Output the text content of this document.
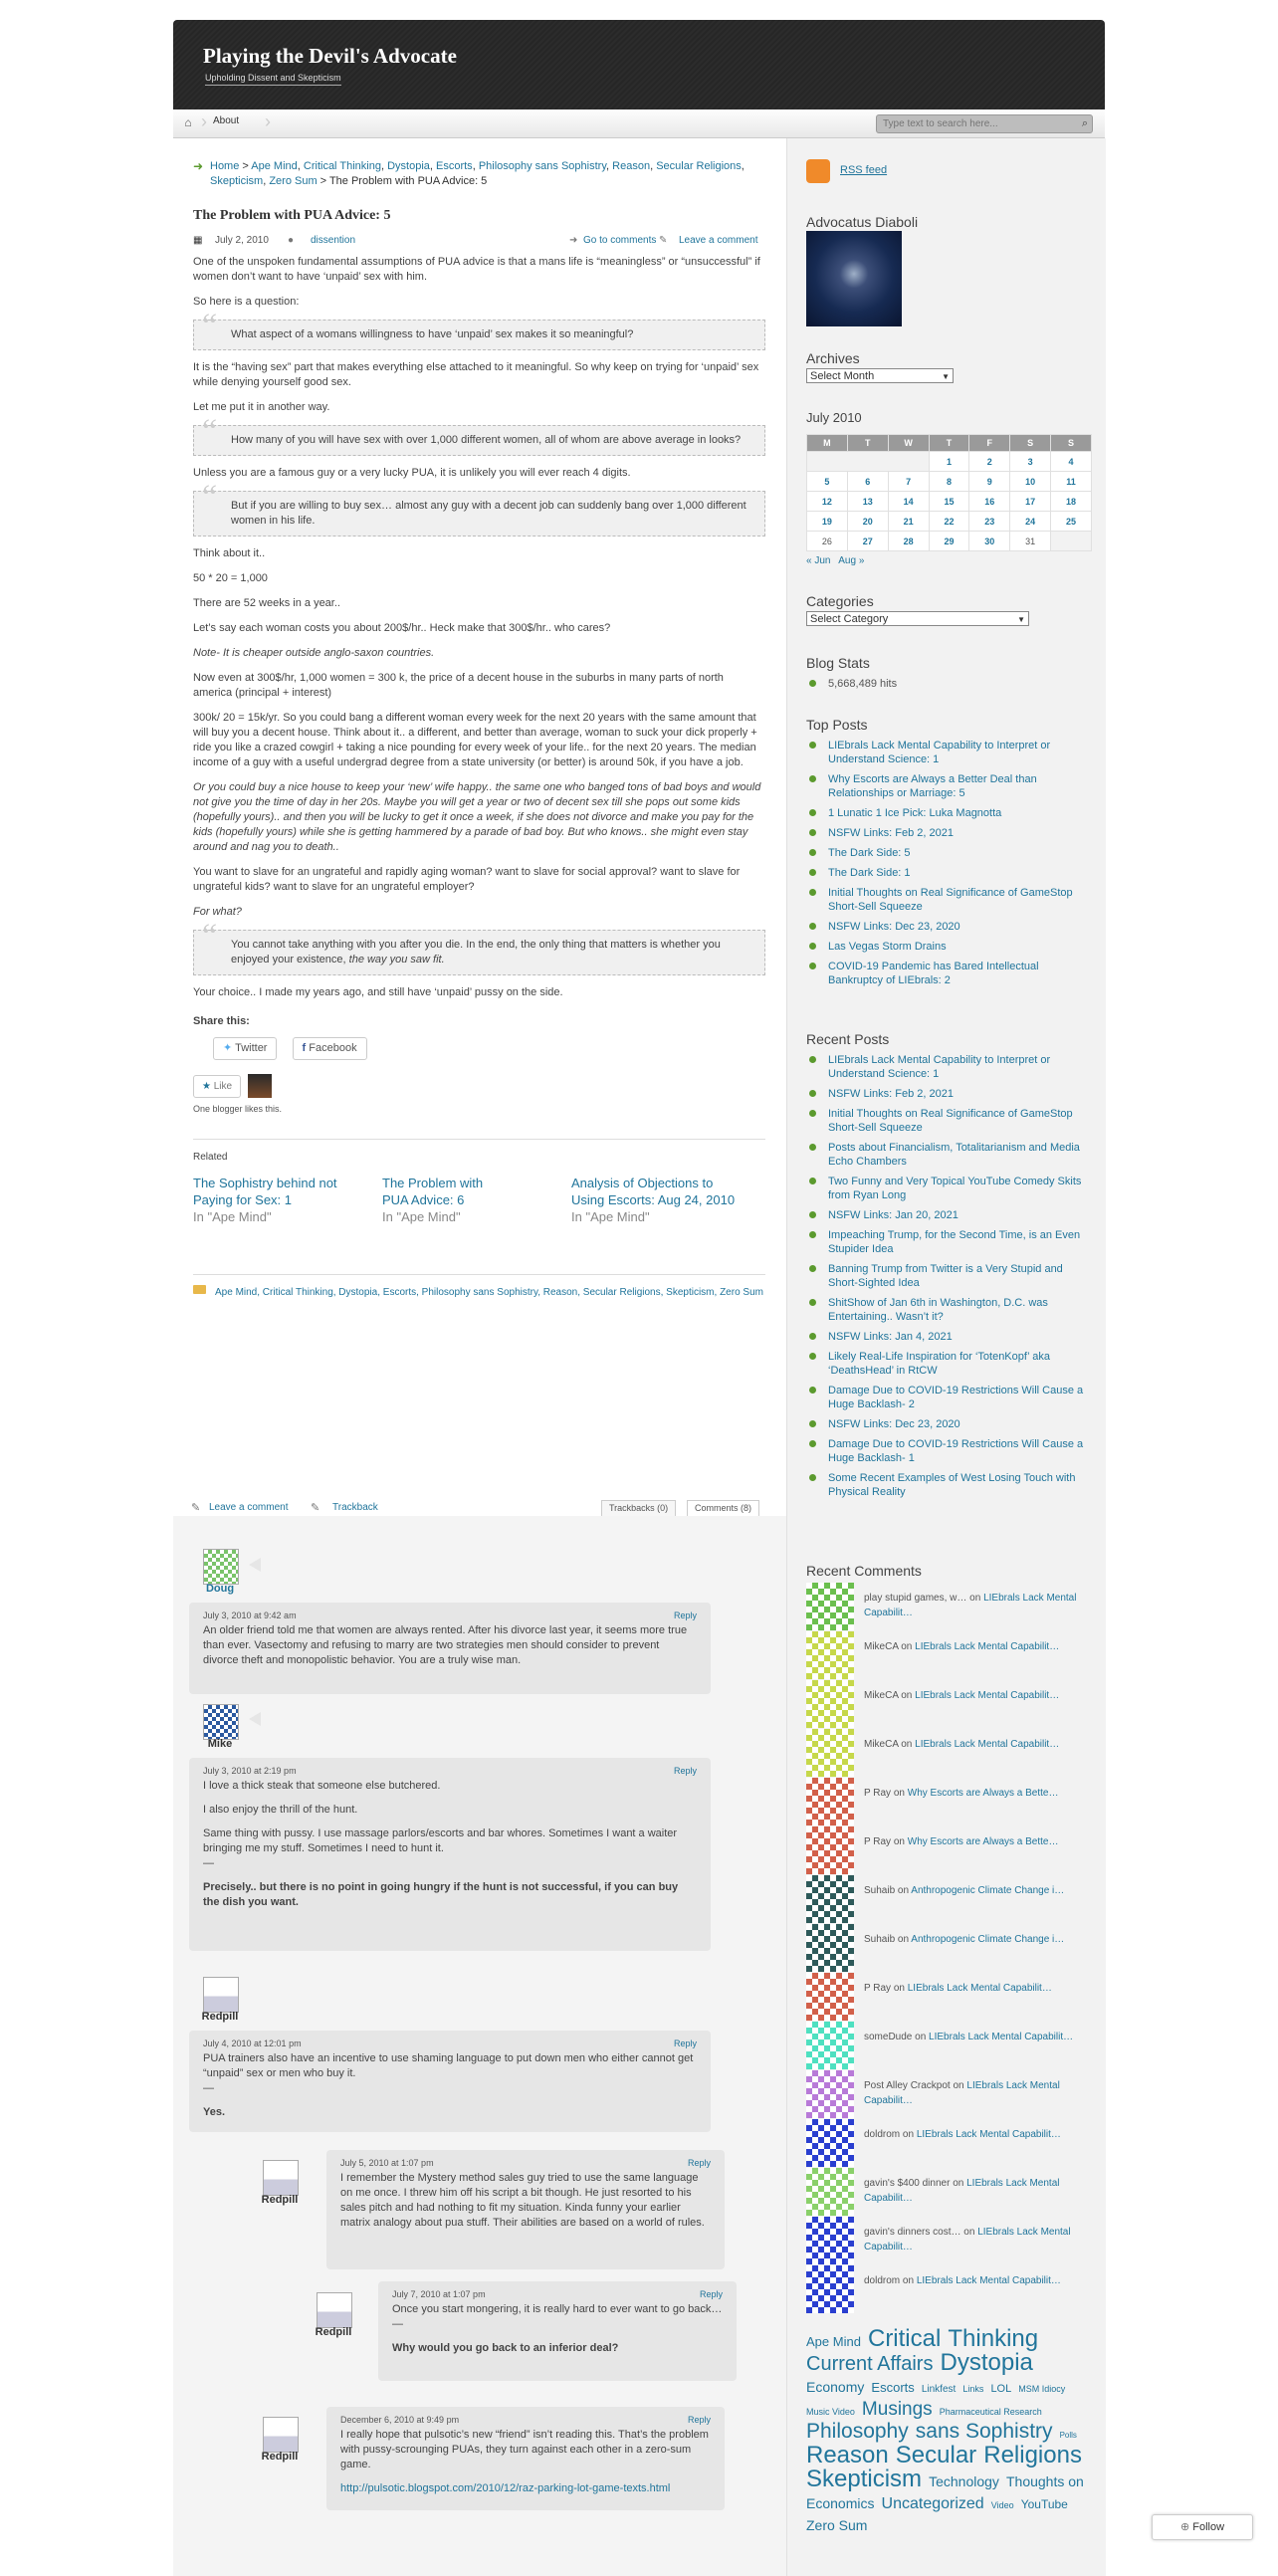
Playing the Devil's Advocate
Upholding Dissent and Skepticism
⌂ › About ›
Type text to search here...	⌕
➜ Home > Ape Mind, Critical Thinking, Dystopia, Escorts, Philosophy sans Sophistry, Reason, Secular Religions, Skepticism, Zero Sum > The Problem with PUA Advice: 5
The Problem with PUA Advice: 5
▦ July 2, 2010 ● dissention	➜ Go to comments ✎ Leave a comment

One of the unspoken fundamental assumptions of PUA advice is that a mans life is “meaningless” or “unsuccessful” if women don’t want to have ‘unpaid’ sex with him.

So here is a question:

“ What aspect of a womans willingness to have ‘unpaid’ sex makes it so meaningful?

It is the “having sex” part that makes everything else attached to it meaningful. So why keep on trying for ‘unpaid’ sex while denying yourself good sex.

Let me put it in another way.

“ How many of you will have sex with over 1,000 different women, all of whom are above average in looks?

Unless you are a famous guy or a very lucky PUA, it is unlikely you will ever reach 4 digits.

“ But if you are willing to buy sex… almost any guy with a decent job can suddenly bang over 1,000 different women in his life.

Think about it..

50 * 20 = 1,000

There are 52 weeks in a year..

Let’s say each woman costs you about 200$/hr.. Heck make that 300$/hr.. who cares?

Note- It is cheaper outside anglo-saxon countries.

Now even at 300$/hr, 1,000 women = 300 k, the price of a decent house in the suburbs in many parts of north america (principal + interest)

300k/ 20 = 15k/yr. So you could bang a different woman every week for the next 20 years with the same amount that will buy you a decent house. Think about it.. a different, and better than average, woman to suck your dick properly + ride you like a crazed cowgirl + taking a nice pounding for every week of your life.. for the next 20 years. The median income of a guy with a useful undergrad degree from a state university (or better) is around 50k, if you have a job.

Or you could buy a nice house to keep your ‘new’ wife happy.. the same one who banged tons of bad boys and would not give you the time of day in her 20s. Maybe you will get a year or two of decent sex till she pops out some kids (hopefully yours).. and then you will be lucky to get it once a week, if she does not divorce and make you pay for the kids (hopefully yours) while she is getting hammered by a parade of bad boy. But who knows.. she might even stay around and nag you to death..

You want to slave for an ungrateful and rapidly aging woman? want to slave for social approval? want to slave for ungrateful kids? want to slave for an ungrateful employer?

For what?

“ You cannot take anything with you after you die. In the end, the only thing that matters is whether you enjoyed your existence, the way you saw fit.

Your choice.. I made my years ago, and still have ‘unpaid’ pussy on the side.

Share this:
✦ Twitter	f Facebook
★ Like
One blogger likes this.
Related
The Sophistry behind not Paying for Sex: 1
In "Ape Mind"
The Problem with PUA Advice: 6
In "Ape Mind"
Analysis of Objections to Using Escorts: Aug 24, 2010
In "Ape Mind"
Ape Mind, Critical Thinking, Dystopia, Escorts, Philosophy sans Sophistry, Reason, Secular Religions, Skepticism, Zero Sum
✎ Leave a comment ✎ Trackback	Trackbacks (0)	Comments (8)
Doug
July 3, 2010 at 9:42 am	Reply
An older friend told me that women are always rented. After his divorce last year, it seems more true than ever. Vasectomy and refusing to marry are two strategies men should consider to prevent divorce theft and monopolistic behavior. You are a truly wise man.
Mike
July 3, 2010 at 2:19 pm	Reply

I love a thick steak that someone else butchered.

I also enjoy the thrill of the hunt.

Same thing with pussy. I use massage parlors/escorts and bar whores. Sometimes I want a waiter bringing me my stuff. Sometimes I need to hunt it.

—

Precisely.. but there is no point in going hungry if the hunt is not successful, if you can buy the dish you want.

Redpill
July 4, 2010 at 12:01 pm	Reply

PUA trainers also have an incentive to use shaming language to put down men who either cannot get “unpaid” sex or men who buy it.

—

Yes.

Redpill
July 5, 2010 at 1:07 pm	Reply
I remember the Mystery method sales guy tried to use the same language on me once. I threw him off his script a bit though. He just resorted to his sales pitch and had nothing to fit my situation. Kinda funny your earlier matrix analogy about pua stuff. Their abilities are based on a world of rules.
Redpill
July 7, 2010 at 1:07 pm	Reply

Once you start mongering, it is really hard to ever want to go back…

—

Why would you go back to an inferior deal?

Redpill
December 6, 2010 at 9:49 pm	Reply

I really hope that pulsotic’s new “friend” isn’t reading this. That’s the problem with pussy-scrounging PUAs, they turn against each other in a zero-sum game.

http://pulsotic.blogspot.com/2010/12/raz-parking-lot-game-texts.html

RSS feed
Advocatus Diaboli
Archives
Select Month	▼
July 2010
M	T	W	T	F	S	S
			1	2	3	4
5	6	7	8	9	10	11
12	13	14	15	16	17	18
19	20	21	22	23	24	25
26	27	28	29	30	31	
« Jun Aug »
Categories
Select Category	▼
Blog Stats
5,668,489 hits
Top Posts
LIEbrals Lack Mental Capability to Interpret or Understand Science: 1
Why Escorts are Always a Better Deal than Relationships or Marriage: 5
1 Lunatic 1 Ice Pick: Luka Magnotta
NSFW Links: Feb 2, 2021
The Dark Side: 5
The Dark Side: 1
Initial Thoughts on Real Significance of GameStop Short-Sell Squeeze
NSFW Links: Dec 23, 2020
Las Vegas Storm Drains
COVID-19 Pandemic has Bared Intellectual Bankruptcy of LIEbrals: 2
Recent Posts
LIEbrals Lack Mental Capability to Interpret or Understand Science: 1
NSFW Links: Feb 2, 2021
Initial Thoughts on Real Significance of GameStop Short-Sell Squeeze
Posts about Financialism, Totalitarianism and Media Echo Chambers
Two Funny and Very Topical YouTube Comedy Skits from Ryan Long
NSFW Links: Jan 20, 2021
Impeaching Trump, for the Second Time, is an Even Stupider Idea
Banning Trump from Twitter is a Very Stupid and Short-Sighted Idea
ShitShow of Jan 6th in Washington, D.C. was Entertaining.. Wasn’t it?
NSFW Links: Jan 4, 2021
Likely Real-Life Inspiration for ‘TotenKopf’ aka ‘DeathsHead’ in RtCW
Damage Due to COVID-19 Restrictions Will Cause a Huge Backlash- 2
NSFW Links: Dec 23, 2020
Damage Due to COVID-19 Restrictions Will Cause a Huge Backlash- 1
Some Recent Examples of West Losing Touch with Physical Reality
Recent Comments
play stupid games, w… on LIEbrals Lack Mental Capabilit…
MikeCA on LIEbrals Lack Mental Capabilit…
MikeCA on LIEbrals Lack Mental Capabilit…
MikeCA on LIEbrals Lack Mental Capabilit…
P Ray on Why Escorts are Always a Bette…
P Ray on Why Escorts are Always a Bette…
Suhaib on Anthropogenic Climate Change i…
Suhaib on Anthropogenic Climate Change i…
P Ray on LIEbrals Lack Mental Capabilit…
someDude on LIEbrals Lack Mental Capabilit…
Post Alley Crackpot on LIEbrals Lack Mental Capabilit…
doldrom on LIEbrals Lack Mental Capabilit…
gavin's $400 dinner on LIEbrals Lack Mental Capabilit…
gavin's dinners cost… on LIEbrals Lack Mental Capabilit…
doldrom on LIEbrals Lack Mental Capabilit…
Ape Mind Critical Thinking Current Affairs Dystopia Economy Escorts Linkfest Links LOL MSM Idiocy Music Video Musings Pharmaceutical Research Philosophy sans Sophistry Polls Reason Secular Religions Skepticism Technology Thoughts on Economics Uncategorized Video YouTube Zero Sum	⊕ Follow
